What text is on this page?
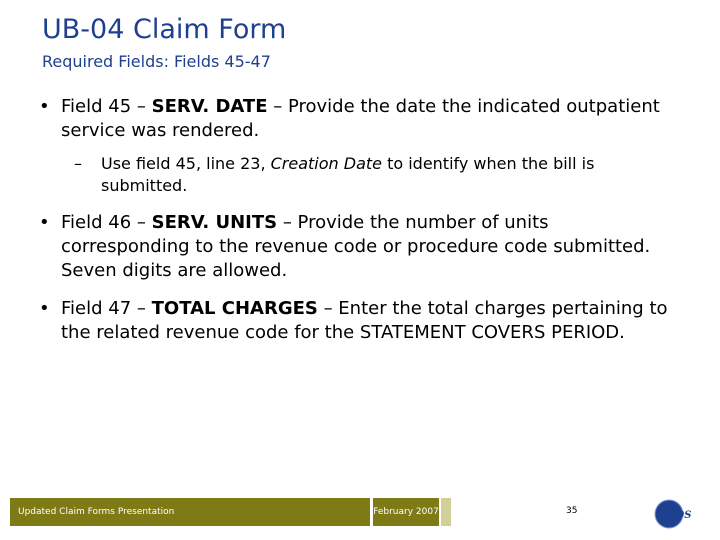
UB-04 Claim Form
Required Fields: Fields 45-47
• Field 45 – SERV. DATE – Provide the date the indicated outpatient service was rendered.
– Use field 45, line 23, Creation Date to identify when the bill is submitted.
• Field 46 – SERV. UNITS – Provide the number of units corresponding to the revenue code or procedure code submitted. Seven digits are allowed.
• Field 47 – TOTAL CHARGES – Enter the total charges pertaining to the related revenue code for the STATEMENT COVERS PERIOD.
Updated Claim Forms Presentation	February 2007	35	EDS
